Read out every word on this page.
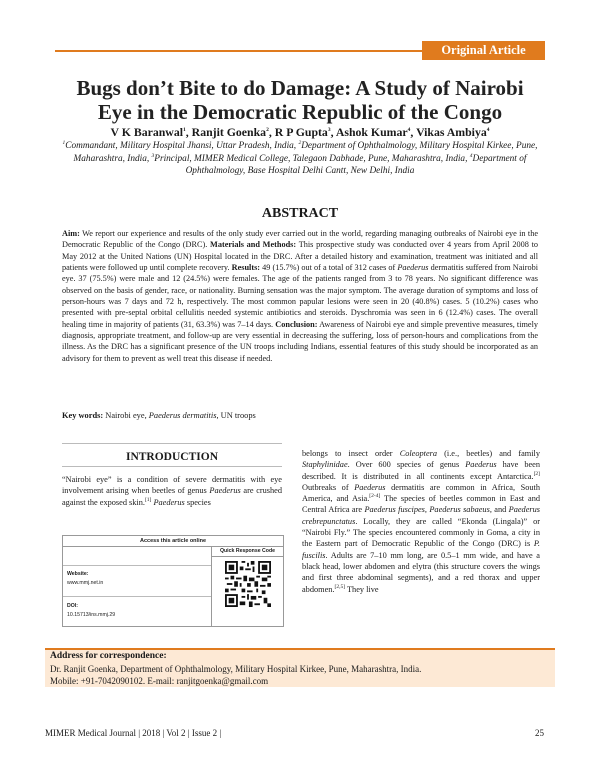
Original Article
Bugs don’t Bite to do Damage: A Study of Nairobi
Eye in the Democratic Republic of the Congo
V K Baranwal$^1$, Ranjit Goenka$^2$, R P Gupta$^3$, Ashok Kumar$^4$, Vikas Ambiya$^4$
$^1$Commandant, Military Hospital Jhansi, Uttar Pradesh, India, $^2$Department of Ophthalmology, Military Hospital Kirkee, Pune, Maharashtra, India, $^3$Principal, MIMER Medical College, Talegaon Dabhade, Pune, Maharashtra, India, $^4$Department of Ophthalmology, Base Hospital Delhi Cantt, New Delhi, India
ABSTRACT
Aim: We report our experience and results of the only study ever carried out in the world, regarding managing outbreaks of Nairobi eye in the Democratic Republic of the Congo (DRC). Materials and Methods: This prospective study was conducted over 4 years from April 2008 to May 2012 at the United Nations (UN) Hospital located in the DRC. After a detailed history and examination, treatment was initiated and all patients were followed up until complete recovery. Results: 49 (15.7%) out of a total of 312 cases of Paederus dermatitis suffered from Nairobi eye. 37 (75.5%) were male and 12 (24.5%) were females. The age of the patients ranged from 3 to 78 years. No significant difference was observed on the basis of gender, race, or nationality. Burning sensation was the major symptom. The average duration of symptoms and loss of person-hours was 7 days and 72 h, respectively. The most common papular lesions were seen in 20 (40.8%) cases. 5 (10.2%) cases who presented with pre-septal orbital cellulitis needed systemic antibiotics and steroids. Dyschromia was seen in 6 (12.4%) cases. The overall healing time in majority of patients (31, 63.3%) was 7–14 days. Conclusion: Awareness of Nairobi eye and simple preventive measures, timely diagnosis, appropriate treatment, and follow-up are very essential in decreasing the suffering, loss of person-hours and complications from the illness. As the DRC has a significant presence of the UN troops including Indians, essential features of this study should be incorporated as an advisory for them to prevent as well treat this disease if needed.
Key words: Nairobi eye, Paederus dermatitis, UN troops
INTRODUCTION
“Nairobi eye” is a condition of severe dermatitis with eye involvement arising when beetles of genus Paederus are crushed against the exposed skin.[1] Paederus species
Access this article online
Website:
www.mmj.net.in
DOI:
10.15713/ins.mmj.29
Quick Response Code
belongs to insect order Coleoptera (i.e., beetles) and family Staphylinidae. Over 600 species of genus Paederus have been described. It is distributed in all continents except Antarctica.[2] Outbreaks of Paederus dermatitis are common in Africa, South America, and Asia.[2-4] The species of beetles common in East and Central Africa are Paederus fuscipes, Paederus sabaeus, and Paederus crebrepunctatus. Locally, they are called “Ekonda (Lingala)” or “Nairobi Fly.” The species encountered commonly in Goma, a city in the Eastern part of Democratic Republic of the Congo (DRC) is P. fuscilis. Adults are 7–10 mm long, are 0.5–1 mm wide, and have a black head, lower abdomen and elytra (this structure covers the wings and first three abdominal segments), and a red thorax and upper abdomen.[2,5] They live
Address for correspondence:
Dr. Ranjit Goenka, Department of Ophthalmology, Military Hospital Kirkee, Pune, Maharashtra, India.
Mobile: +91-7042090102. E-mail: ranjitgoenka@gmail.com
MIMER Medical Journal | 2018 | Vol 2 | Issue 2 |	25
